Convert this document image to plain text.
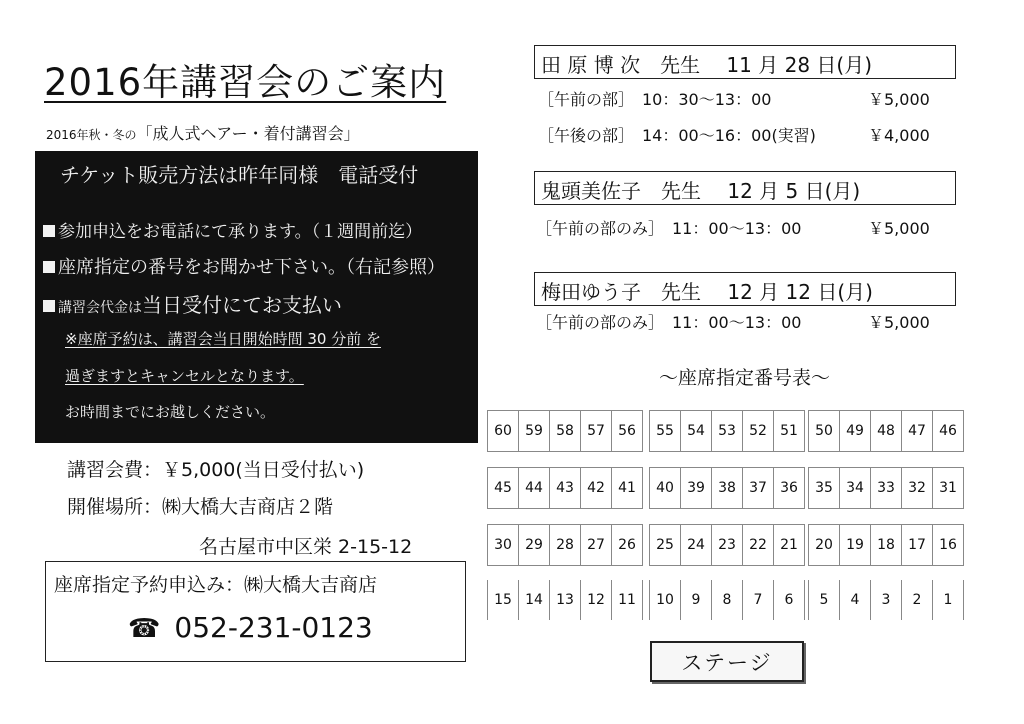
2016年講習会のご案内
2016年秋・冬の「成人式ヘアー・着付講習会」
チケット販売方法は昨年同様　電話受付
参加申込をお電話にて承ります。（１週間前迄）
座席指定の番号をお聞かせ下さい。（右記参照）
講習会代金は当日受付にてお支払い
※座席予約は、講習会当日開始時間 30 分前 を
過ぎますとキャンセルとなります。
お時間までにお越しください。
講習会費：￥5,000(当日受付払い)
開催場所：㈱大橋大吉商店２階
名古屋市中区栄 2-15-12
座席指定予約申込み：㈱大橋大吉商店
☎ 052-231-0123
田 原 博 次　先生　 11 月 28 日(月)
［午前の部］　10：30〜13：00	￥5,000
［午後の部］　14：00〜16：00(実習)	￥4,000
鬼頭美佐子　先生　 12 月 5 日(月)
［午前の部のみ］　11：00〜13：00	￥5,000
梅田ゆう子　先生　 12 月 12 日(月)
［午前の部のみ］　11：00〜13：00	￥5,000
〜座席指定番号表〜
60 59 58 57 56	55 54 53 52 51	50 49 48 47 46
45 44 43 42 41	40 39 38 37 36	35 34 33 32 31
30 29 28 27 26	25 24 23 22 21	20 19 18 17 16
15 14 13 12 11	10	9	8	7	6	5	4	3	2	1
ステージ
